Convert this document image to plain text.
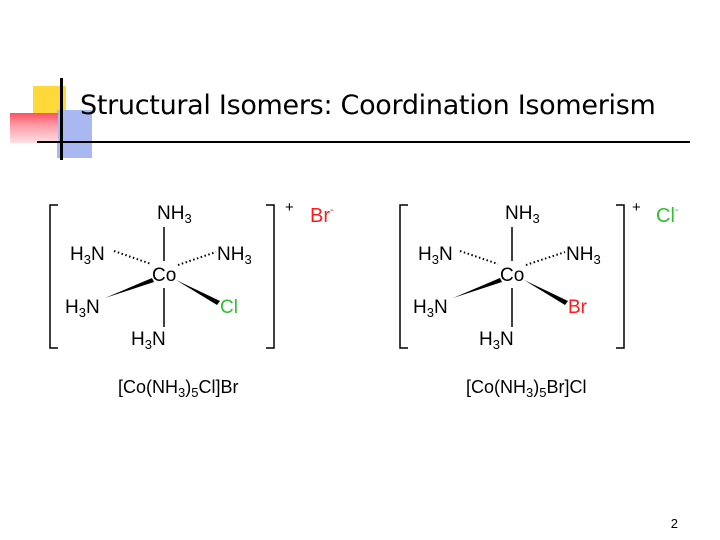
Structural Isomers: Coordination Isomerism
$NH_3$
$H_3N$	$NH_3$
Co
$H_3N$	Cl
$H_3N$
+ Br-
$[Co(NH_3)_5Cl]Br$
$NH_3$
$H_3N$	$NH_3$
Co
$H_3N$	Br
$H_3N$
+ Cl-
$[Co(NH_3)_5Br]Cl$
2
